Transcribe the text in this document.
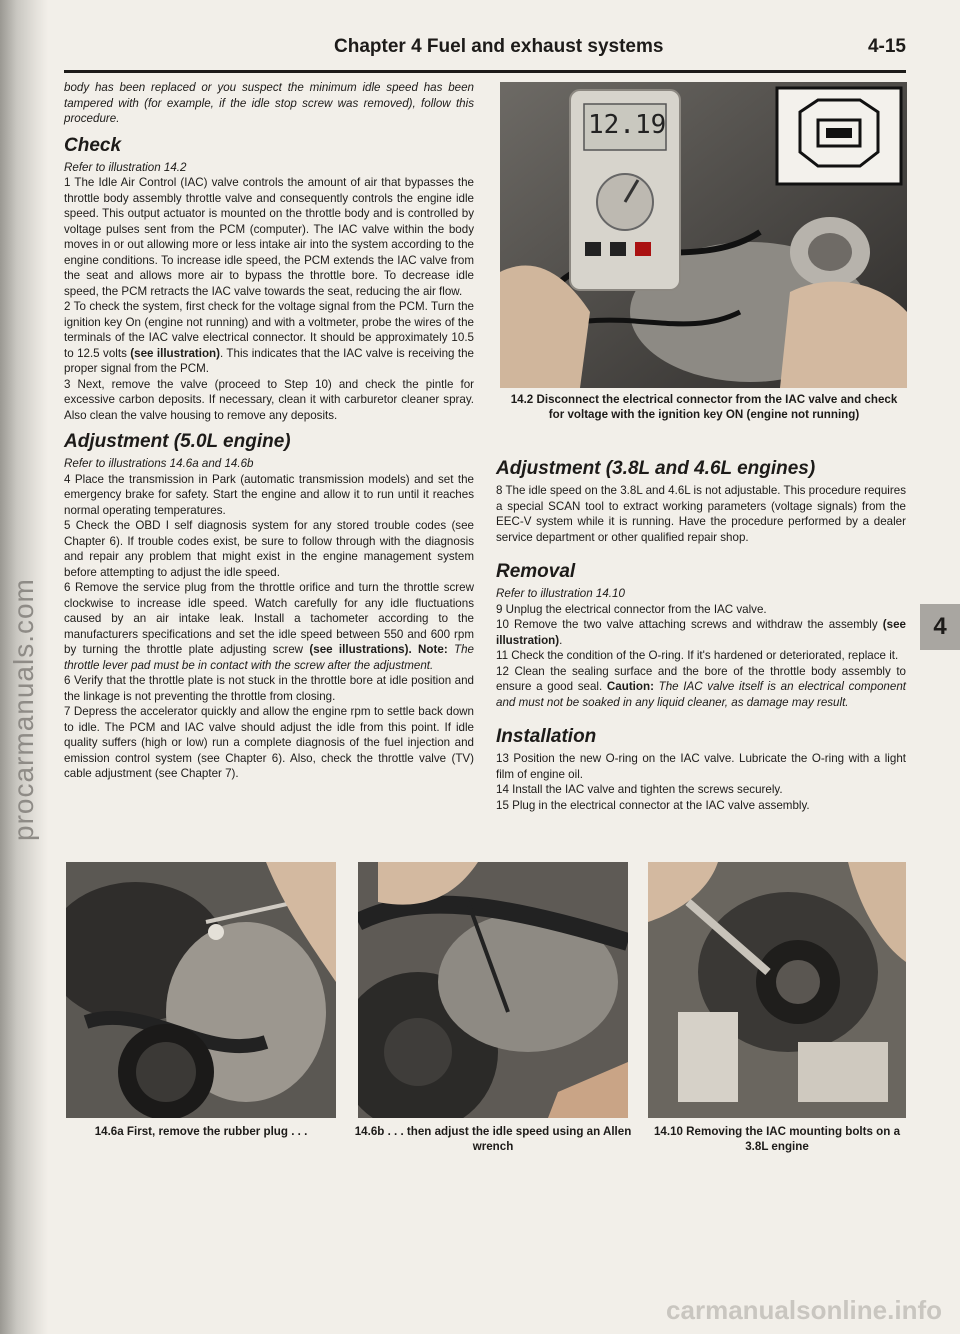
procarmanuals.com
Chapter 4 Fuel and exhaust systems	4-15

body has been replaced or you suspect the minimum idle speed has been tampered with (for example, if the idle stop screw was removed), follow this procedure.

Check

Refer to illustration 14.2

1 The Idle Air Control (IAC) valve controls the amount of air that bypasses the throttle body assembly throttle valve and consequently controls the engine idle speed. This output actuator is mounted on the throttle body and is controlled by voltage pulses sent from the PCM (computer). The IAC valve within the body moves in or out allowing more or less intake air into the system according to the engine conditions. To increase idle speed, the PCM extends the IAC valve from the seat and allows more air to bypass the throttle bore. To decrease idle speed, the PCM retracts the IAC valve towards the seat, reducing the air flow.

2 To check the system, first check for the voltage signal from the PCM. Turn the ignition key On (engine not running) and with a voltmeter, probe the wires of the terminals of the IAC valve electrical connector. It should be approximately 10.5 to 12.5 volts (see illustration). This indicates that the IAC valve is receiving the proper signal from the PCM.

3 Next, remove the valve (proceed to Step 10) and check the pintle for excessive carbon deposits. If necessary, clean it with carburetor cleaner spray. Also clean the valve housing to remove any deposits.

Adjustment (5.0L engine)

Refer to illustrations 14.6a and 14.6b

4 Place the transmission in Park (automatic transmission models) and set the emergency brake for safety. Start the engine and allow it to run until it reaches normal operating temperatures.

5 Check the OBD I self diagnosis system for any stored trouble codes (see Chapter 6). If trouble codes exist, be sure to follow through with the diagnosis and repair any problem that might exist in the engine management system before attempting to adjust the idle speed.

6 Remove the service plug from the throttle orifice and turn the throttle screw clockwise to increase idle speed. Watch carefully for any idle fluctuations caused by an air intake leak. Install a tachometer according to the manufacturers specifications and set the idle speed between 550 and 600 rpm by turning the throttle plate adjusting screw (see illustrations). Note: The throttle lever pad must be in contact with the screw after the adjustment.

6 Verify that the throttle plate is not stuck in the throttle bore at idle position and the linkage is not preventing the throttle from closing.

7 Depress the accelerator quickly and allow the engine rpm to settle back down to idle. The PCM and IAC valve should adjust the idle from this point. If idle quality suffers (high or low) run a complete diagnosis of the fuel injection and emission control system (see Chapter 6). Also, check the throttle valve (TV) cable adjustment (see Chapter 7).

12.19
14.2 Disconnect the electrical connector from the IAC valve and check for voltage with the ignition key ON (engine not running)
Adjustment (3.8L and 4.6L engines)

8 The idle speed on the 3.8L and 4.6L is not adjustable. This procedure requires a special SCAN tool to extract working parameters (voltage signals) from the EEC-V system while it is running. Have the procedure performed by a dealer service department or other qualified repair shop.

Removal

Refer to illustration 14.10

9 Unplug the electrical connector from the IAC valve.

10 Remove the two valve attaching screws and withdraw the assembly (see illustration).

11 Check the condition of the O-ring. If it's hardened or deteriorated, replace it.

12 Clean the sealing surface and the bore of the throttle body assembly to ensure a good seal. Caution: The IAC valve itself is an electrical component and must not be soaked in any liquid cleaner, as damage may result.

Installation

13 Position the new O-ring on the IAC valve. Lubricate the O-ring with a light film of engine oil.

14 Install the IAC valve and tighten the screws securely.

15 Plug in the electrical connector at the IAC valve assembly.

4
14.6a First, remove the rubber plug . . .	14.6b . . . then adjust the idle speed using an Allen wrench
14.10 Removing the IAC mounting bolts on a 3.8L engine
carmanualsonline.info
